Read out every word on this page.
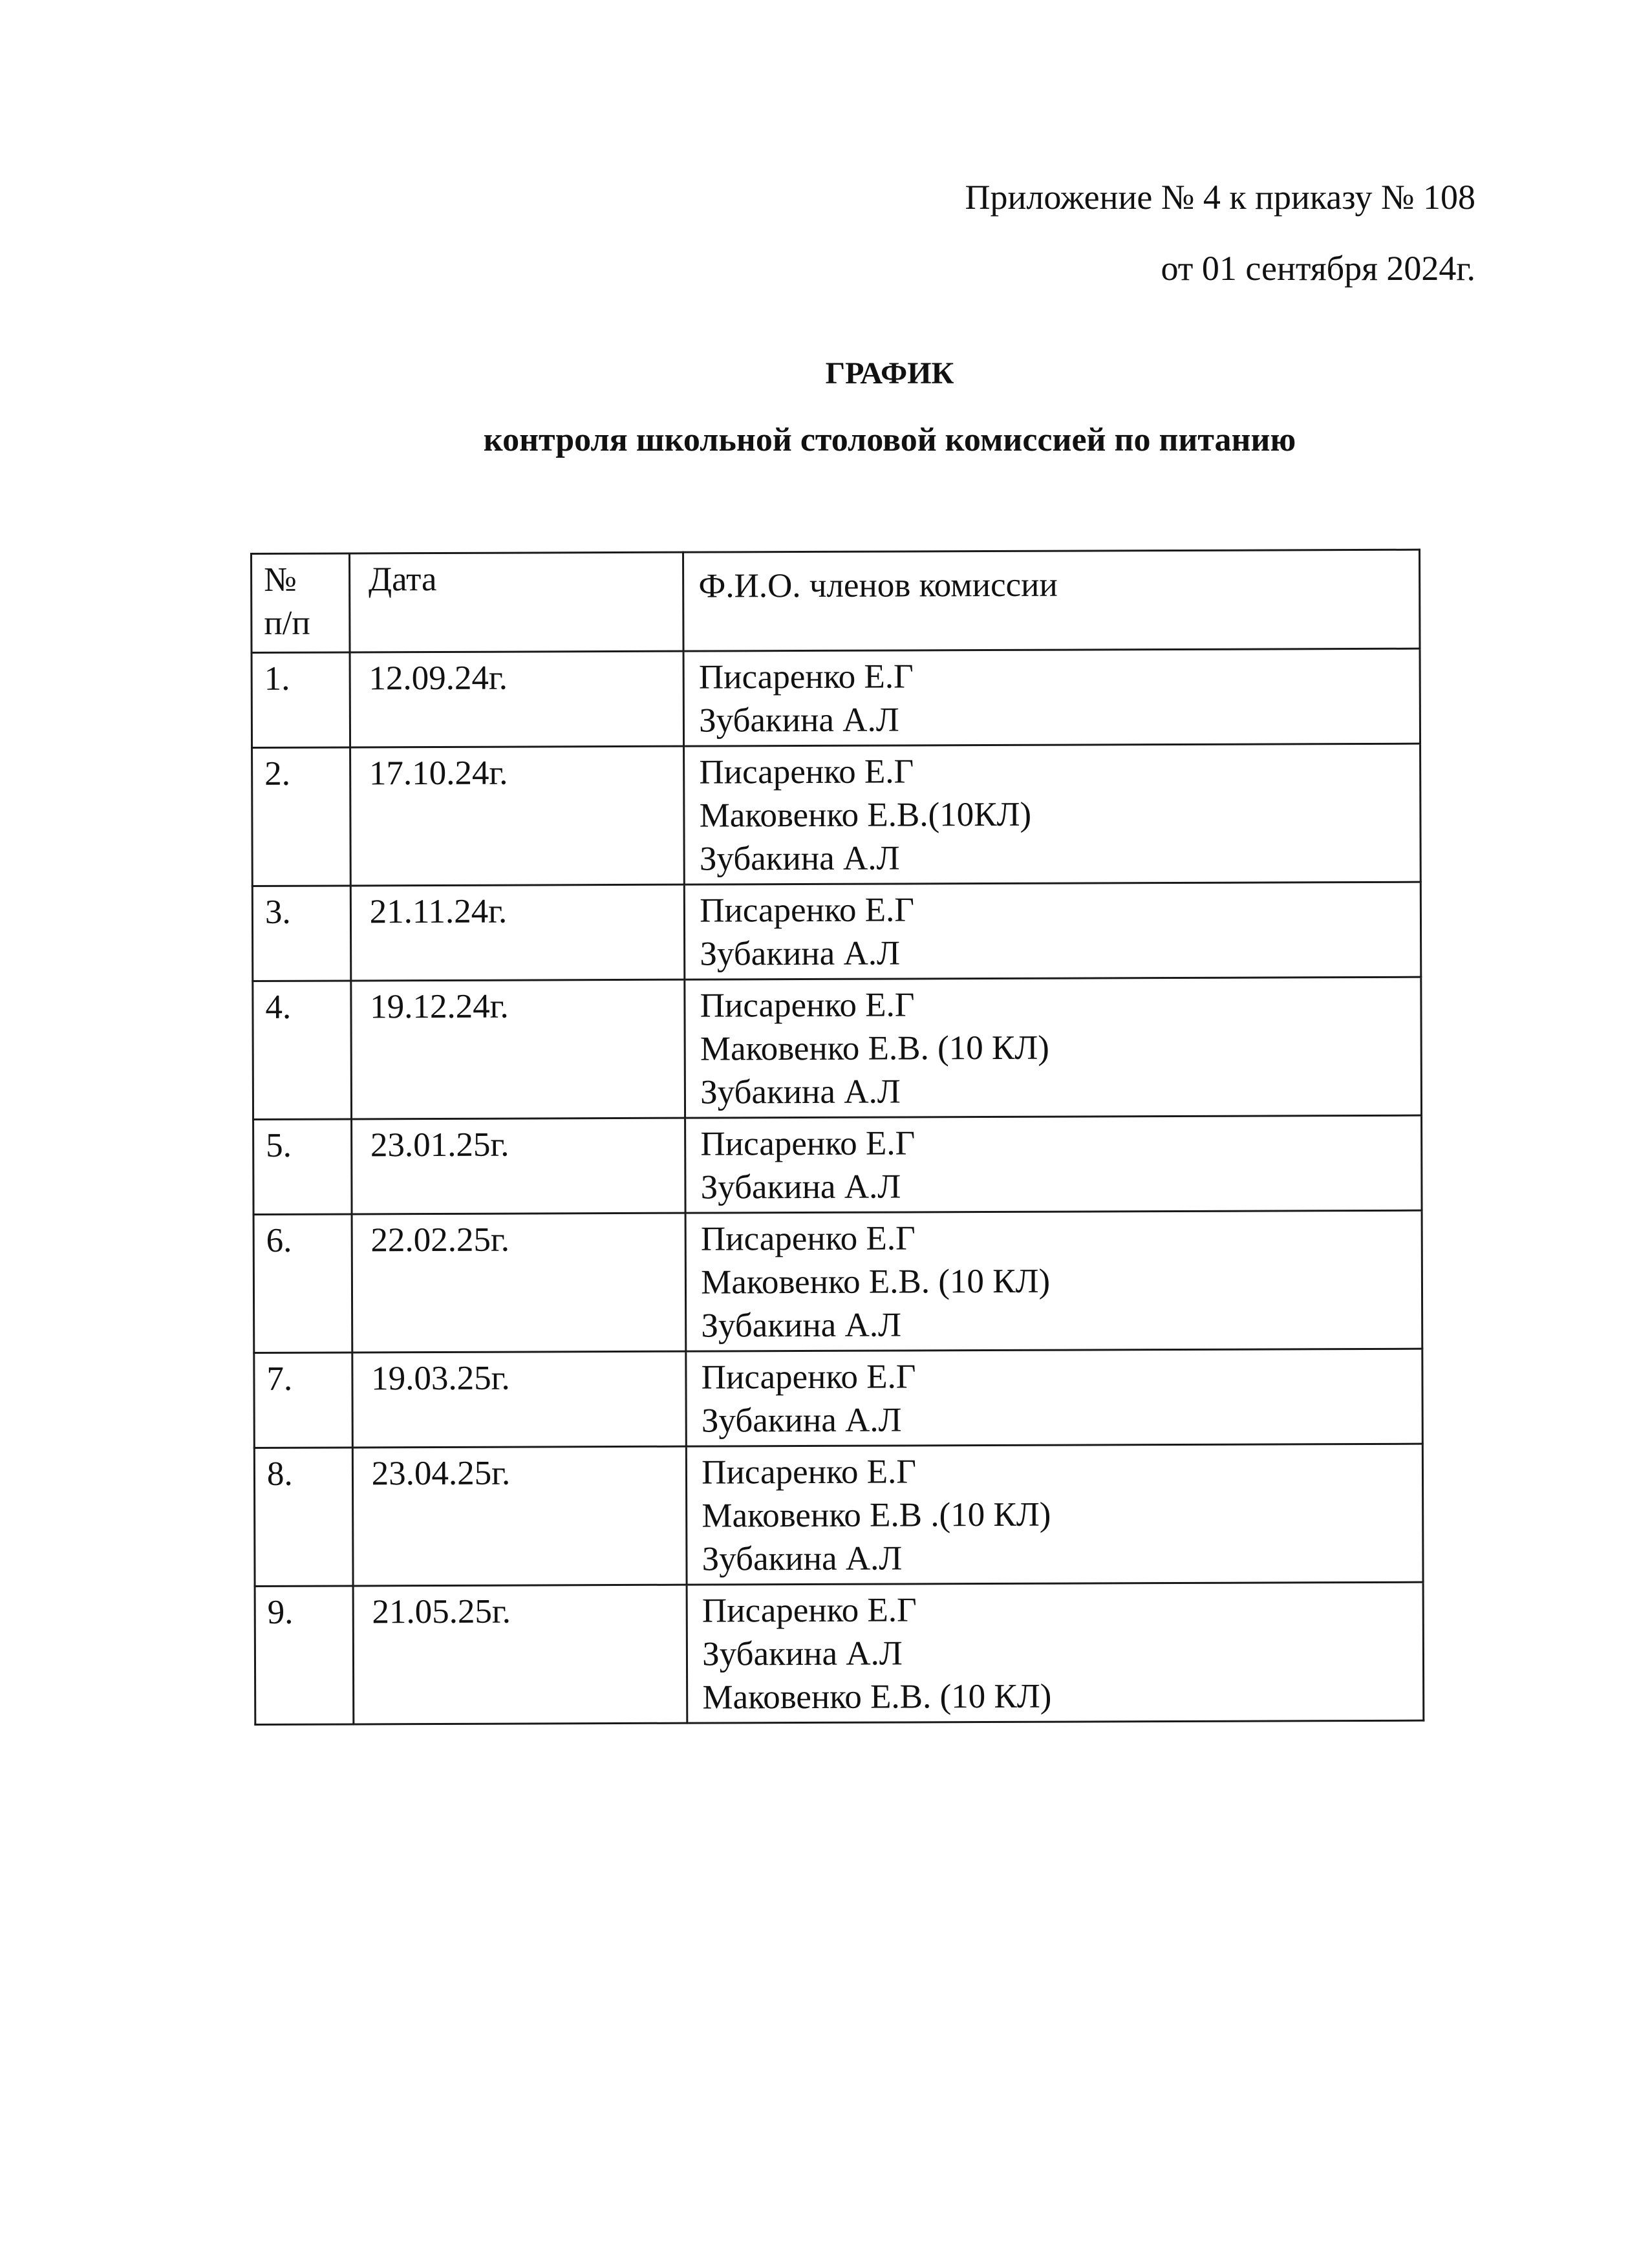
Приложение № 4 к приказу № 108
от 01 сентября 2024г.
ГРАФИК
контроля школьной столовой комиссией по питанию
№
п/п	Дата	Ф.И.О. членов комиссии
1.	12.09.24г.	Писаренко Е.Г
Зубакина А.Л

2.	17.10.24г.	Писаренко Е.Г
Маковенко Е.В.(10КЛ)
Зубакина А.Л

3.	21.11.24г.	Писаренко Е.Г
Зубакина А.Л

4.	19.12.24г.	Писаренко Е.Г
Маковенко Е.В. (10 КЛ)
Зубакина А.Л

5.	23.01.25г.	Писаренко Е.Г
Зубакина А.Л

6.	22.02.25г.	Писаренко Е.Г
Маковенко Е.В. (10 КЛ)
Зубакина А.Л

7.	19.03.25г.	Писаренко Е.Г
Зубакина А.Л

8.	23.04.25г.	Писаренко Е.Г
Маковенко Е.В .(10 КЛ)
Зубакина А.Л

9.	21.05.25г.	Писаренко Е.Г
Зубакина А.Л
Маковенко Е.В. (10 КЛ)
